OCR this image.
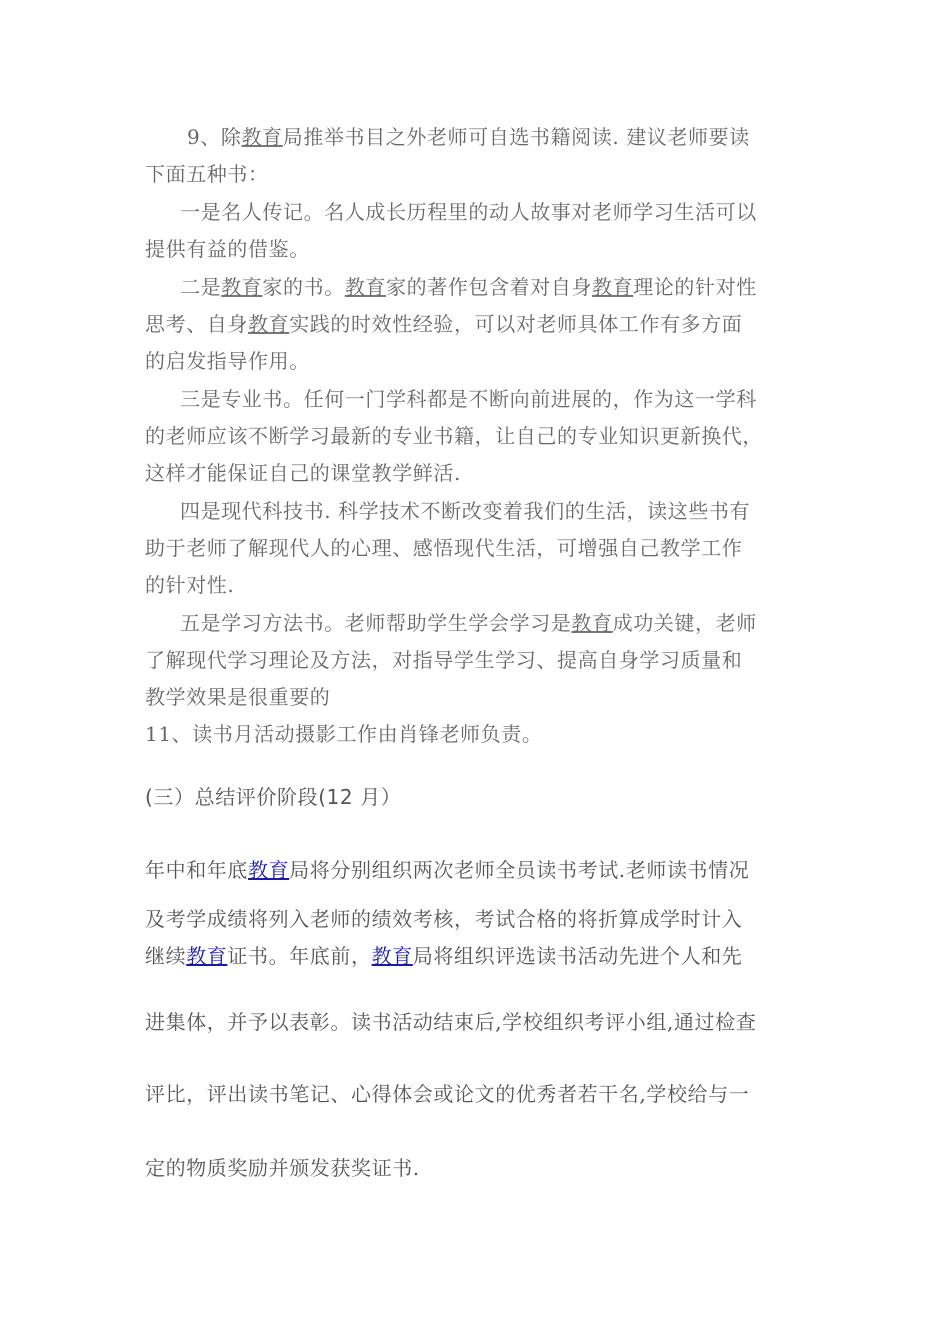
9、除教育局推举书目之外老师可自选书籍阅读. 建议老师要读
下面五种书：
一是名人传记。名人成长历程里的动人故事对老师学习生活可以
提供有益的借鉴。
二是教育家的书。教育家的著作包含着对自身教育理论的针对性
思考、自身教育实践的时效性经验，可以对老师具体工作有多方面
的启发指导作用。
三是专业书。任何一门学科都是不断向前进展的，作为这一学科
的老师应该不断学习最新的专业书籍，让自己的专业知识更新换代，
这样才能保证自己的课堂教学鲜活.
四是现代科技书. 科学技术不断改变着我们的生活，读这些书有
助于老师了解现代人的心理、感悟现代生活，可增强自己教学工作
的针对性.
五是学习方法书。老师帮助学生学会学习是教育成功关键，老师
了解现代学习理论及方法，对指导学生学习、提高自身学习质量和
教学效果是很重要的
11、读书月活动摄影工作由肖锋老师负责。
(三）总结评价阶段(12 月）
年中和年底教育局将分别组织两次老师全员读书考试.老师读书情况
及考学成绩将列入老师的绩效考核，考试合格的将折算成学时计入
继续教育证书。年底前，教育局将组织评选读书活动先进个人和先
进集体，并予以表彰。读书活动结束后,学校组织考评小组,通过检查
评比，评出读书笔记、心得体会或论文的优秀者若干名,学校给与一
定的物质奖励并颁发获奖证书.
